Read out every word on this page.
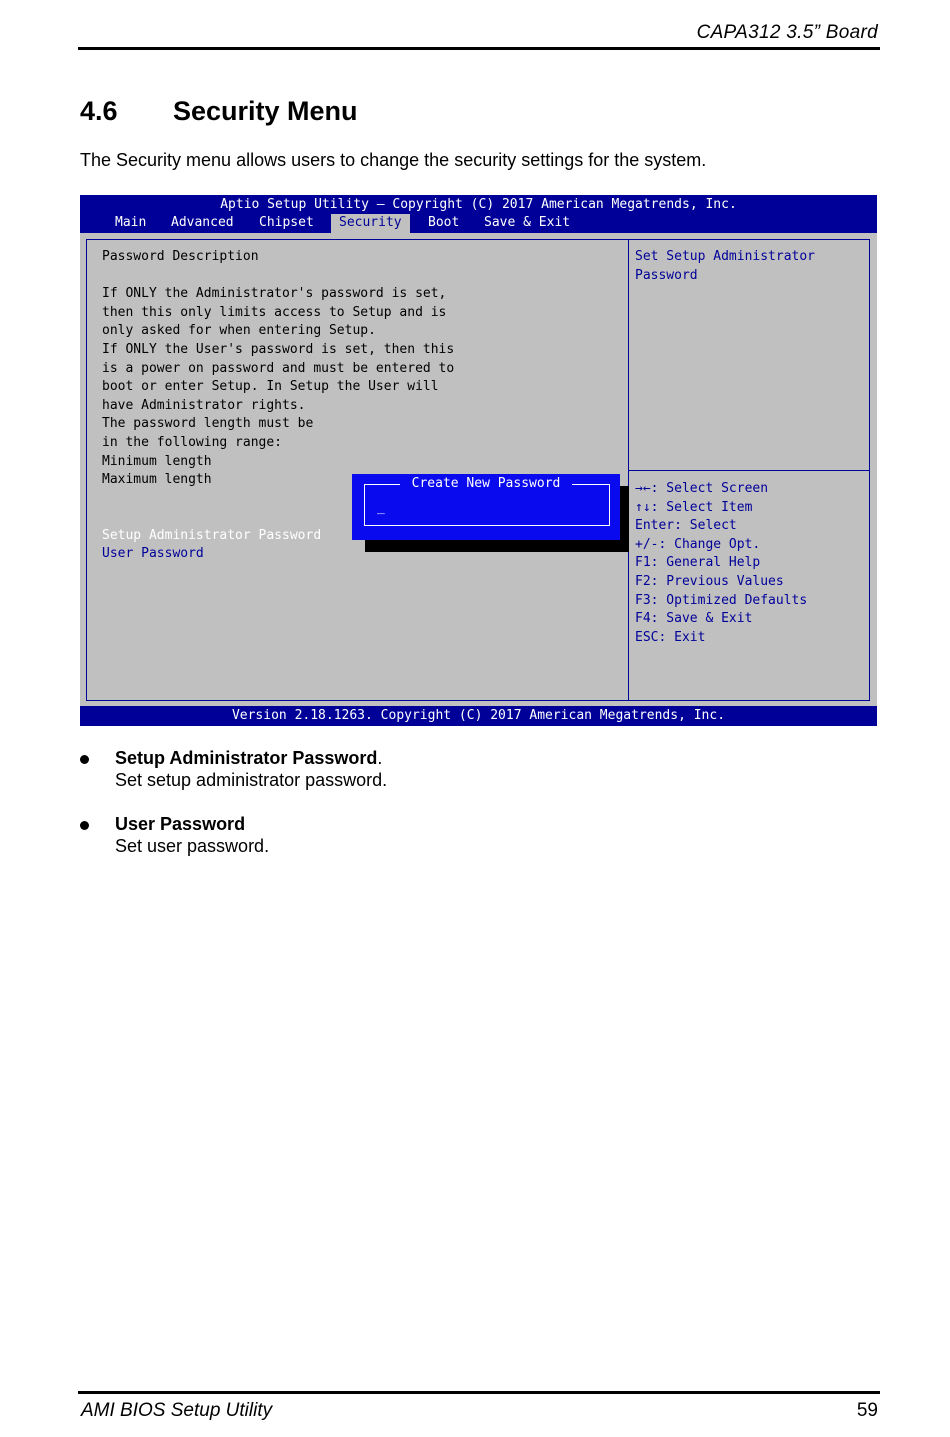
CAPA312 3.5” Board
4.6 Security Menu
The Security menu allows users to change the security settings for the system.
Aptio Setup Utility – Copyright (C) 2017 American Megatrends, Inc.
Main	Advanced	Chipset	Security	Boot	Save & Exit
Password Description

If ONLY the Administrator's password is set,
then this only limits access to Setup and is
only asked for when entering Setup.
If ONLY the User's password is set, then this
is a power on password and must be entered to
boot or enter Setup. In Setup the User will
have Administrator rights.
The password length must be
in the following range:
Minimum length
Maximum length
Setup Administrator Password
User Password
Set Setup Administrator
Password
→←: Select Screen
↑↓: Select Item
Enter: Select
+/-: Change Opt.
F1: General Help
F2: Previous Values
F3: Optimized Defaults
F4: Save & Exit
ESC: Exit
Create New Password
_
Version 2.18.1263. Copyright (C) 2017 American Megatrends, Inc.
Setup Administrator Password.
Set setup administrator password.
User Password
Set user password.
AMI BIOS Setup Utility	59
